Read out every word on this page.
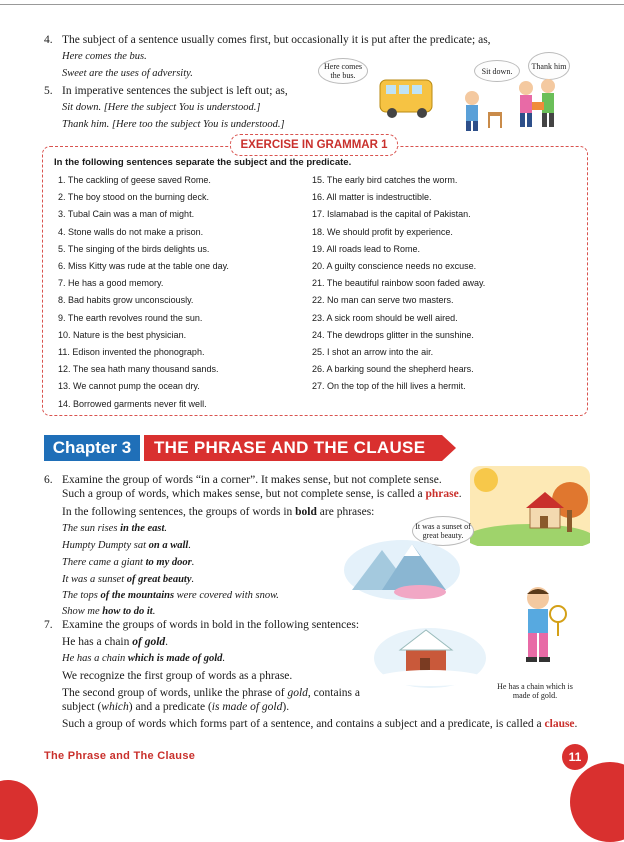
4. The subject of a sentence usually comes first, but occasionally it is put after the predicate; as,
Here comes the bus.
Sweet are the uses of adversity.
5. In imperative sentences the subject is left out; as,
Sit down. [Here the subject You is understood.]
Thank him. [Here too the subject You is understood.]
Here comes the bus.	Sit down.
Thank him
EXERCISE IN GRAMMAR 1
In the following sentences separate the subject and the predicate.
1. The cackling of geese saved Rome.
2. The boy stood on the burning deck.
3. Tubal Cain was a man of might.
4. Stone walls do not make a prison.
5. The singing of the birds delights us.
6. Miss Kitty was rude at the table one day.
7. He has a good memory.
8. Bad habits grow unconsciously.
9. The earth revolves round the sun.
10. Nature is the best physician.
11. Edison invented the phonograph.
12. The sea hath many thousand sands.
13. We cannot pump the ocean dry.
14. Borrowed garments never fit well.
15. The early bird catches the worm.
16. All matter is indestructible.
17. Islamabad is the capital of Pakistan.
18. We should profit by experience.
19. All roads lead to Rome.
20. A guilty conscience needs no excuse.
21. The beautiful rainbow soon faded away.
22. No man can serve two masters.
23. A sick room should be well aired.
24. The dewdrops glitter in the sunshine.
25. I shot an arrow into the air.
26. A barking sound the shepherd hears.
27. On the top of the hill lives a hermit.
Chapter 3	THE PHRASE AND THE CLAUSE
6. Examine the group of words “in a corner”. It makes sense, but not complete sense.
Such a group of words, which makes sense, but not complete sense, is called a phrase.
In the following sentences, the groups of words in bold are phrases:
The sun rises in the east.
Humpty Dumpty sat on a wall.
There came a giant to my door.
It was a sunset of great beauty.
The tops of the mountains were covered with snow.
Show me how to do it.
It was a sunset of great beauty.
7. Examine the groups of words in bold in the following sentences:
He has a chain of gold.
He has a chain which is made of gold.
We recognize the first group of words as a phrase.
The second group of words, unlike the phrase of gold, contains a
subject (which) and a predicate (is made of gold).
Such a group of words which forms part of a sentence, and contains a subject and a predicate, is called a clause.
He has a chain which is made of gold.
The Phrase and The Clause	11
